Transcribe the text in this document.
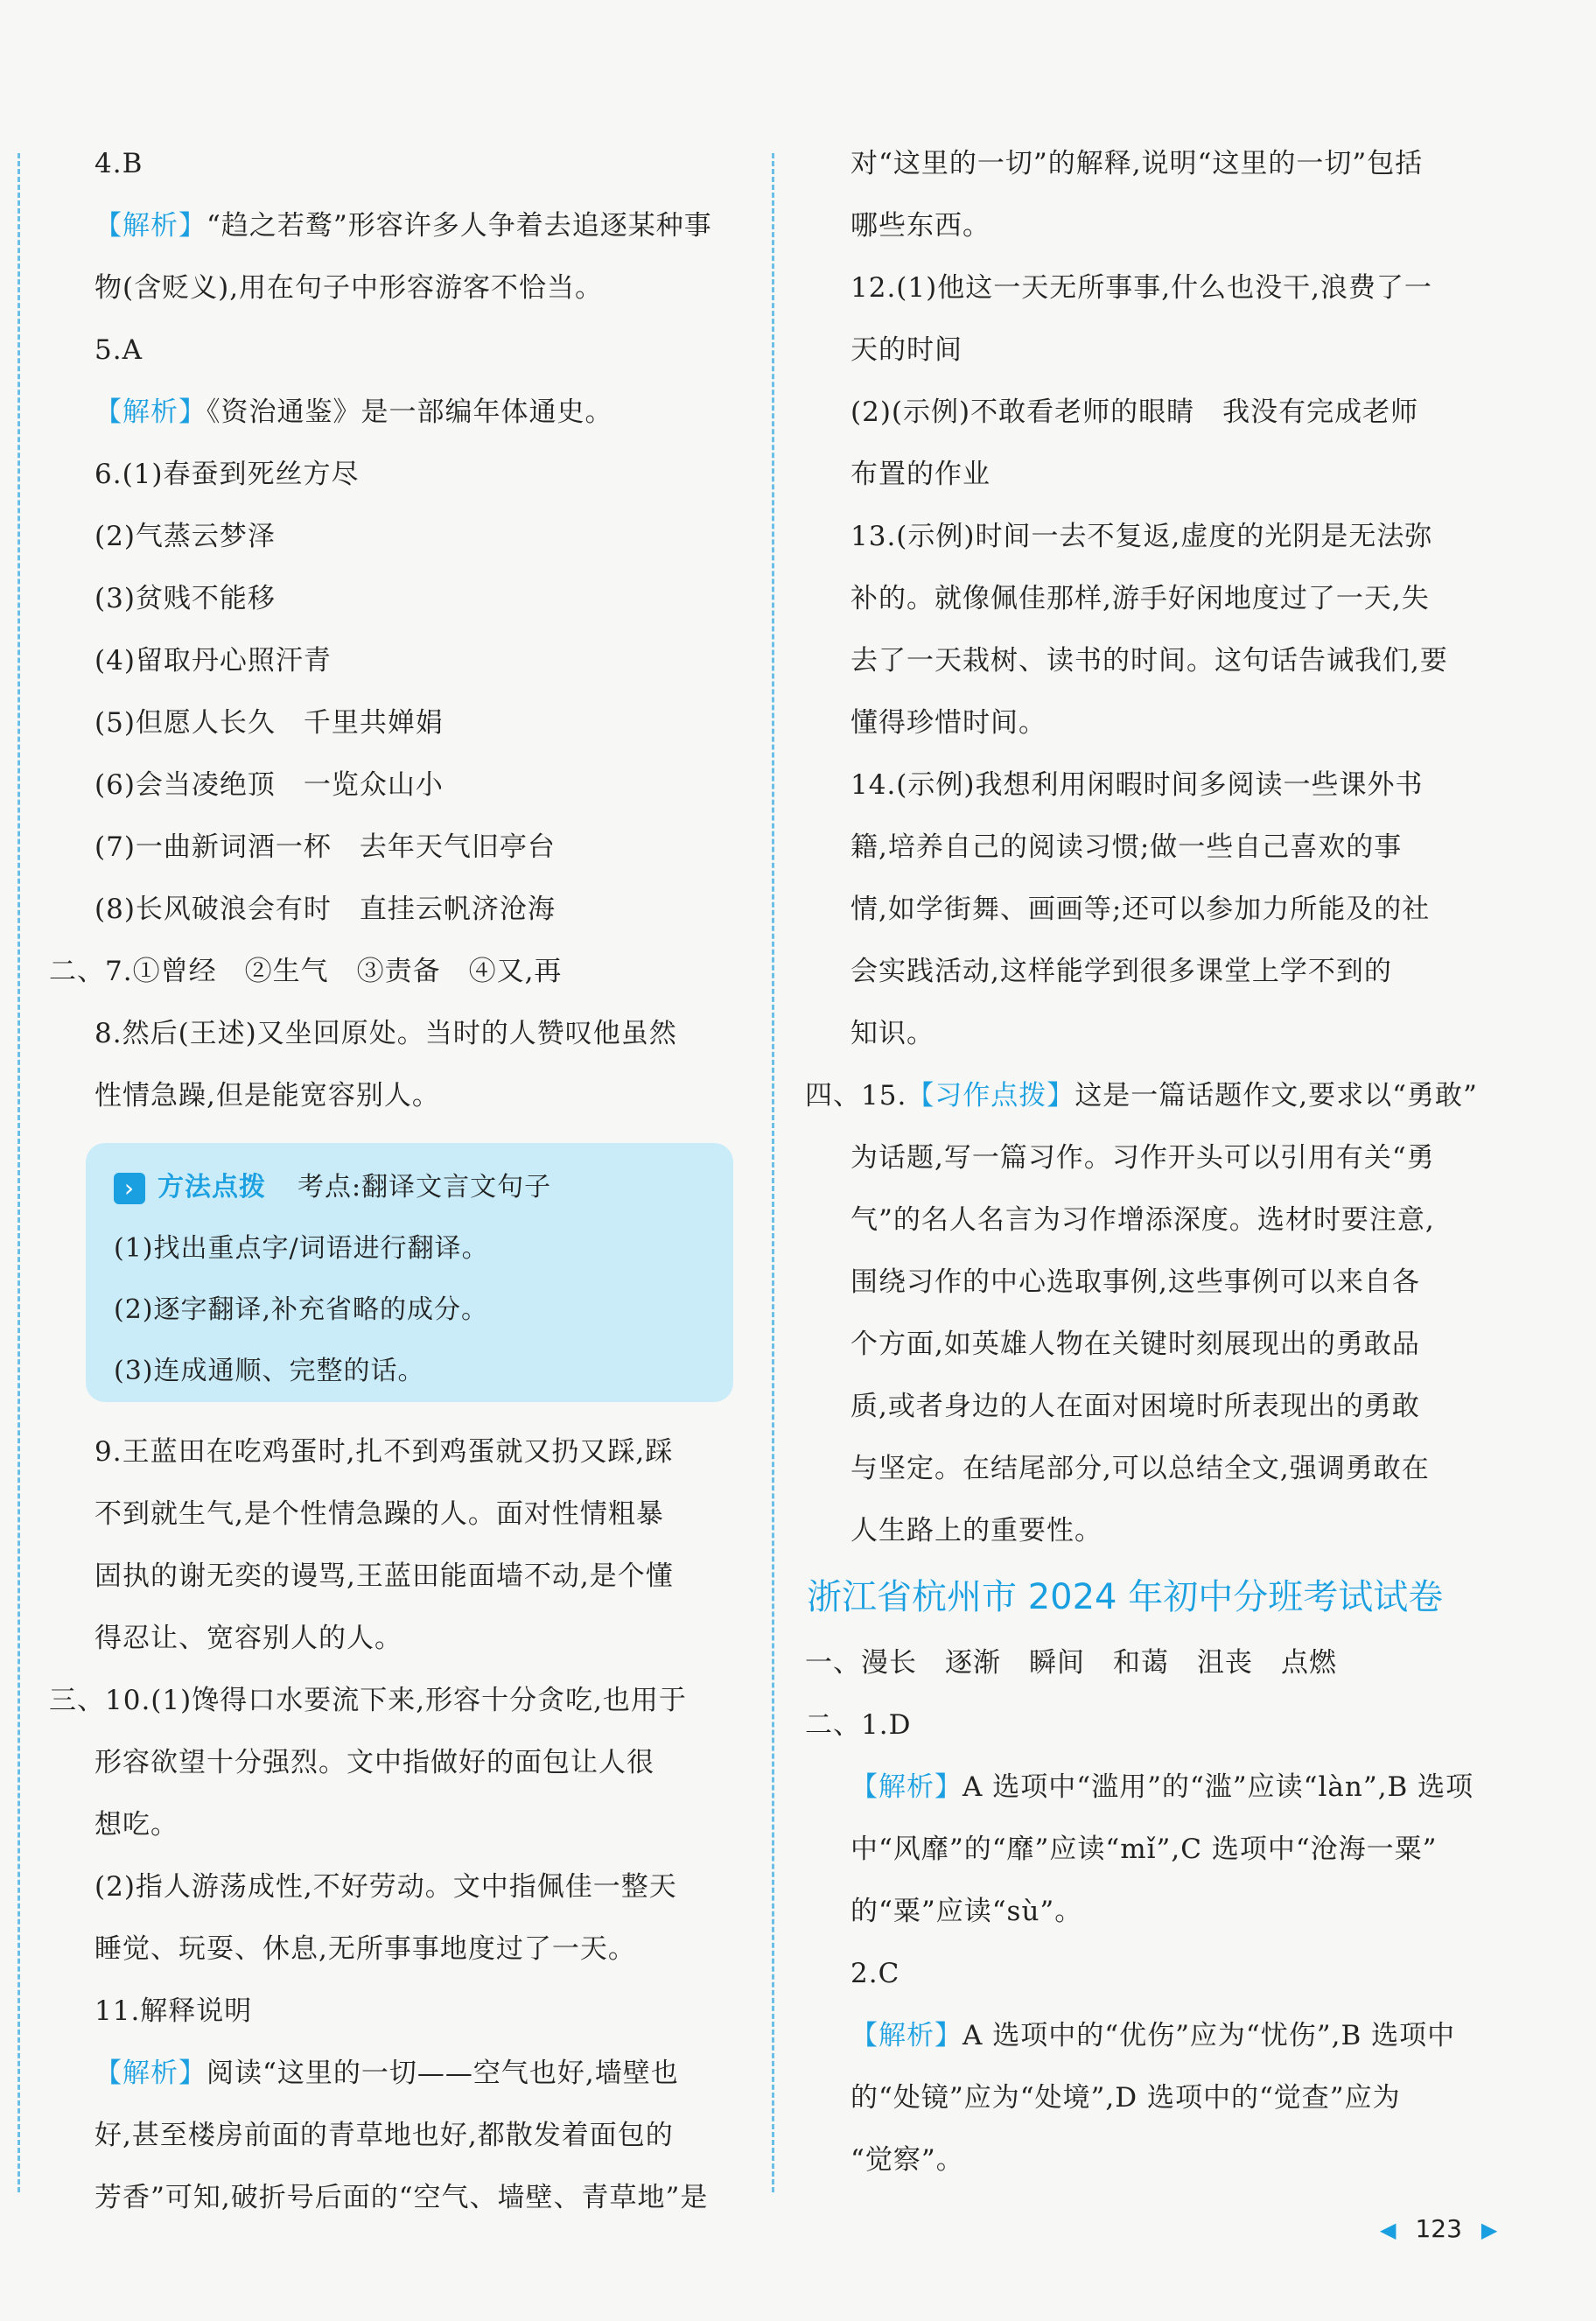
4.B
【解析】“趋之若鹜”形容许多人争着去追逐某种事
物(含贬义),用在句子中形容游客不恰当。
5.A
【解析】《资治通鉴》是一部编年体通史。
6.(1)春蚕到死丝方尽
(2)气蒸云梦泽
(3)贫贱不能移
(4)留取丹心照汗青
(5)但愿人长久　千里共婵娟
(6)会当凌绝顶　一览众山小
(7)一曲新词酒一杯　去年天气旧亭台
(8)长风破浪会有时　直挂云帆济沧海
二、7.①曾经　②生气　③责备　④又,再
8.然后(王述)又坐回原处。当时的人赞叹他虽然
性情急躁,但是能宽容别人。
› 方法点拨 考点:翻译文言文句子
(1)找出重点字/词语进行翻译。
(2)逐字翻译,补充省略的成分。
(3)连成通顺、完整的话。
9.王蓝田在吃鸡蛋时,扎不到鸡蛋就又扔又踩,踩
不到就生气,是个性情急躁的人。面对性情粗暴
固执的谢无奕的谩骂,王蓝田能面墙不动,是个懂
得忍让、宽容别人的人。
三、10.(1)馋得口水要流下来,形容十分贪吃,也用于
形容欲望十分强烈。文中指做好的面包让人很
想吃。
(2)指人游荡成性,不好劳动。文中指佩佳一整天
睡觉、玩耍、休息,无所事事地度过了一天。
11.解释说明
【解析】阅读“这里的一切——空气也好,墙壁也
好,甚至楼房前面的青草地也好,都散发着面包的
芳香”可知,破折号后面的“空气、墙壁、青草地”是
对“这里的一切”的解释,说明“这里的一切”包括
哪些东西。
12.(1)他这一天无所事事,什么也没干,浪费了一
天的时间
(2)(示例)不敢看老师的眼睛　我没有完成老师
布置的作业
13.(示例)时间一去不复返,虚度的光阴是无法弥
补的。就像佩佳那样,游手好闲地度过了一天,失
去了一天栽树、读书的时间。这句话告诫我们,要
懂得珍惜时间。
14.(示例)我想利用闲暇时间多阅读一些课外书
籍,培养自己的阅读习惯;做一些自己喜欢的事
情,如学街舞、画画等;还可以参加力所能及的社
会实践活动,这样能学到很多课堂上学不到的
知识。
四、15.【习作点拨】这是一篇话题作文,要求以“勇敢”
为话题,写一篇习作。习作开头可以引用有关“勇
气”的名人名言为习作增添深度。选材时要注意,
围绕习作的中心选取事例,这些事例可以来自各
个方面,如英雄人物在关键时刻展现出的勇敢品
质,或者身边的人在面对困境时所表现出的勇敢
与坚定。在结尾部分,可以总结全文,强调勇敢在
人生路上的重要性。
浙江省杭州市 2024 年初中分班考试试卷
一、漫长　逐渐　瞬间　和蔼　沮丧　点燃
二、1.D
【解析】A 选项中“滥用”的“滥”应读“làn”,B 选项
中“风靡”的“靡”应读“mǐ”,C 选项中“沧海一粟”
的“粟”应读“sù”。
2.C
【解析】A 选项中的“优伤”应为“忧伤”,B 选项中
的“处镜”应为“处境”,D 选项中的“觉查”应为
“觉察”。
◀ 123 ▶
